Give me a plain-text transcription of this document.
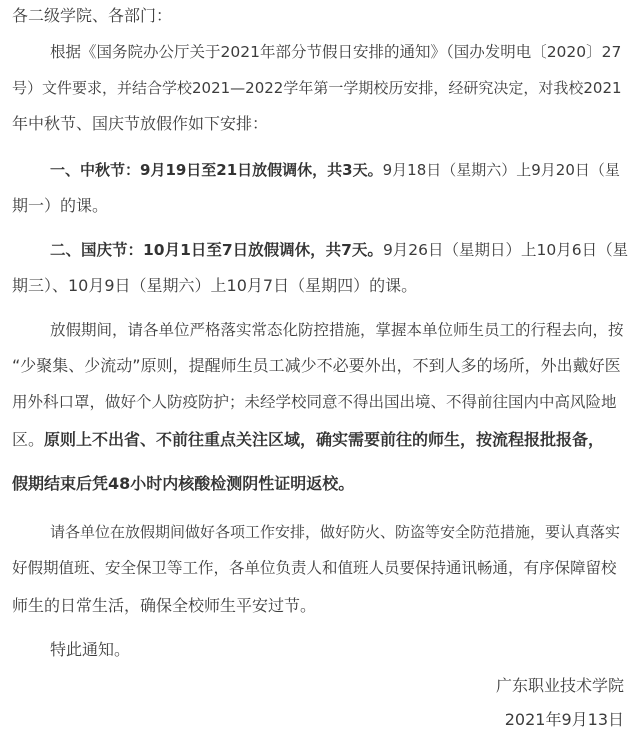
各二级学院、各部门：
根据《国务院办公厅关于2021年部分节假日安排的通知》（国办发明电〔2020〕27
号）文件要求，并结合学校2021—2022学年第一学期校历安排，经研究决定，对我校2021
年中秋节、国庆节放假作如下安排：
一、中秋节：9月19日至21日放假调休，共3天。9月18日（星期六）上9月20日（星
期一）的课。
二、国庆节：10月1日至7日放假调休，共7天。9月26日（星期日）上10月6日（星
期三）、10月9日（星期六）上10月7日（星期四）的课。
放假期间，请各单位严格落实常态化防控措施，掌握本单位师生员工的行程去向，按
“少聚集、少流动”原则，提醒师生员工减少不必要外出，不到人多的场所，外出戴好医
用外科口罩，做好个人防疫防护；未经学校同意不得出国出境、不得前往国内中高风险地
区。原则上不出省、不前往重点关注区域，确实需要前往的师生，按流程报批报备，
假期结束后凭48小时内核酸检测阴性证明返校。
请各单位在放假期间做好各项工作安排，做好防火、防盗等安全防范措施，要认真落实
好假期值班、安全保卫等工作，各单位负责人和值班人员要保持通讯畅通，有序保障留校
师生的日常生活，确保全校师生平安过节。
特此通知。
广东职业技术学院
2021年9月13日
